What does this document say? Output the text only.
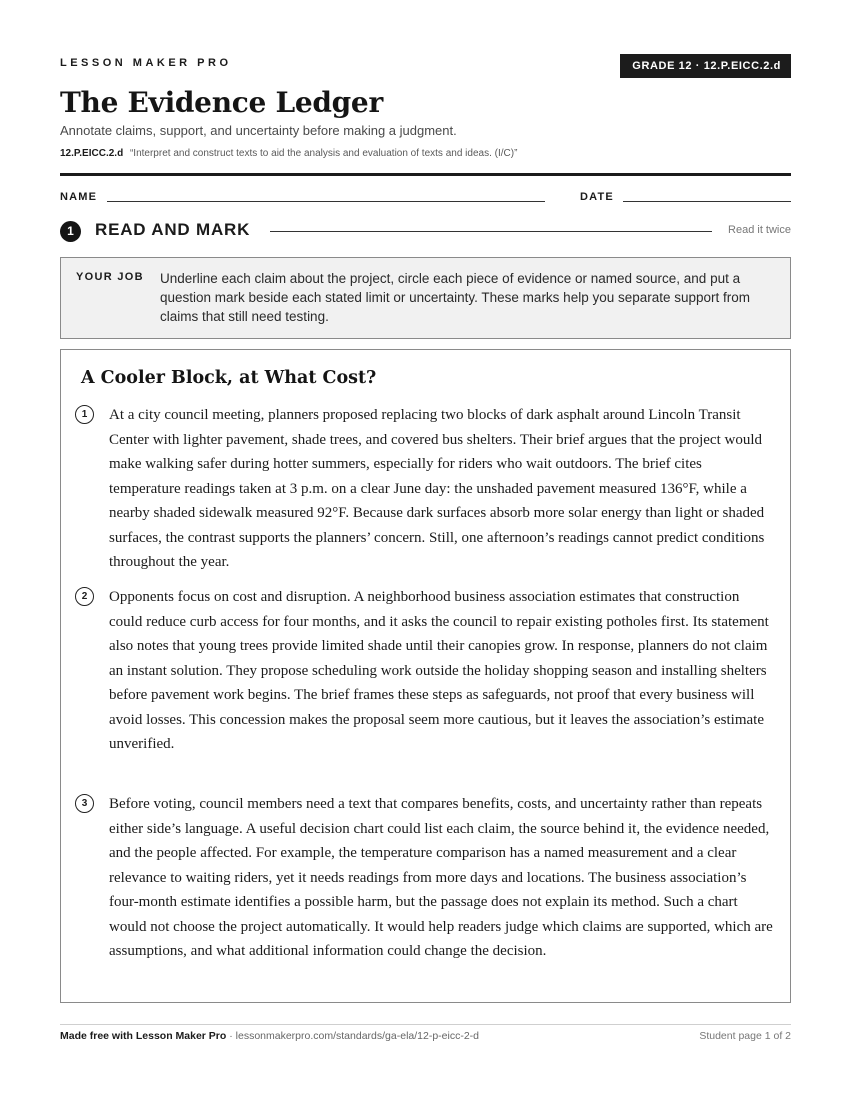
LESSON MAKER PRO	GRADE 12 · 12.P.EICC.2.d
The Evidence Ledger
Annotate claims, support, and uncertainty before making a judgment.
12.P.EICC.2.d “Interpret and construct texts to aid the analysis and evaluation of texts and ideas. (I/C)”
NAME	DATE
1	READ AND MARK	Read it twice
YOUR JOB Underline each claim about the project, circle each piece of evidence or named source, and put a question mark beside each stated limit or uncertainty. These marks help you separate support from claims that still need testing.
A Cooler Block, at What Cost?
1	At a city council meeting, planners proposed replacing two blocks of dark asphalt around Lincoln Transit Center with lighter pavement, shade trees, and covered bus shelters. Their brief argues that the project would make walking safer during hotter summers, especially for riders who wait outdoors. The brief cites temperature readings taken at 3 p.m. on a clear June day: the unshaded pavement measured 136°F, while a nearby shaded sidewalk measured 92°F. Because dark surfaces absorb more solar energy than light or shaded surfaces, the contrast supports the planners’ concern. Still, one afternoon’s readings cannot predict conditions throughout the year.
2	Opponents focus on cost and disruption. A neighborhood business association estimates that construction could reduce curb access for four months, and it asks the council to repair existing potholes first. Its statement also notes that young trees provide limited shade until their canopies grow. In response, planners do not claim an instant solution. They propose scheduling work outside the holiday shopping season and installing shelters before pavement work begins. The brief frames these steps as safeguards, not proof that every business will avoid losses. This concession makes the proposal seem more cautious, but it leaves the association’s estimate unverified.
3	Before voting, council members need a text that compares benefits, costs, and uncertainty rather than repeats either side’s language. A useful decision chart could list each claim, the source behind it, the evidence needed, and the people affected. For example, the temperature comparison has a named measurement and a clear relevance to waiting riders, yet it needs readings from more days and locations. The business association’s four-month estimate identifies a possible harm, but the passage does not explain its method. Such a chart would not choose the project automatically. It would help readers judge which claims are supported, which are assumptions, and what additional information could change the decision.
Made free with Lesson Maker Pro · lessonmakerpro.com/standards/ga-ela/12-p-eicc-2-d	Student page 1 of 2
